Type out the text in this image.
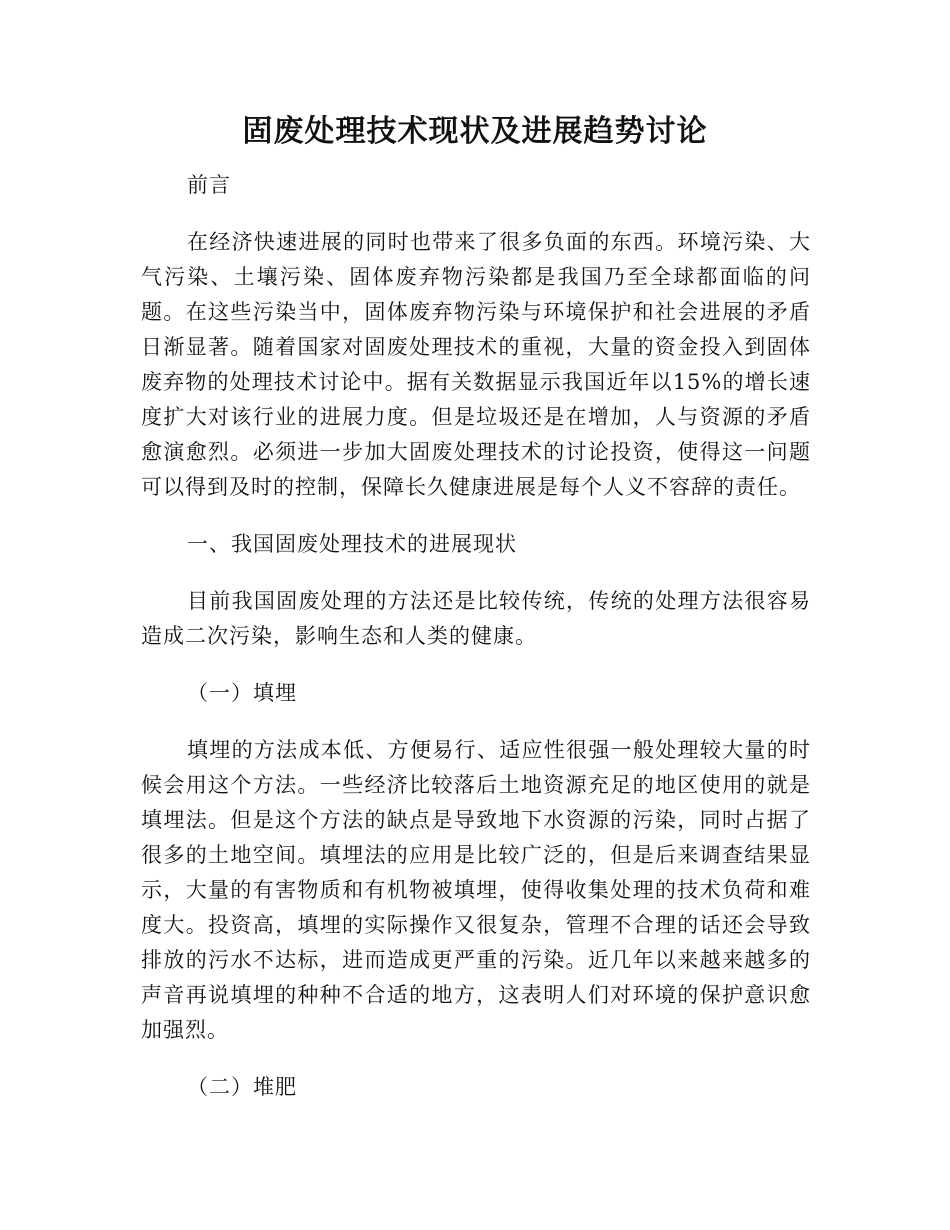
固废处理技术现状及进展趋势讨论

前言

在经济快速进展的同时也带来了很多负面的东西。环境污染、大气污染、土壤污染、固体废弃物污染都是我国乃至全球都面临的问题。在这些污染当中，固体废弃物污染与环境保护和社会进展的矛盾日渐显著。随着国家对固废处理技术的重视，大量的资金投入到固体废弃物的处理技术讨论中。据有关数据显示我国近年以15%的增长速度扩大对该行业的进展力度。但是垃圾还是在增加，人与资源的矛盾愈演愈烈。必须进一步加大固废处理技术的讨论投资，使得这一问题可以得到及时的控制，保障长久健康进展是每个人义不容辞的责任。

一、我国固废处理技术的进展现状

目前我国固废处理的方法还是比较传统，传统的处理方法很容易造成二次污染，影响生态和人类的健康。

（一）填埋

填埋的方法成本低、方便易行、适应性很强一般处理较大量的时候会用这个方法。一些经济比较落后土地资源充足的地区使用的就是填埋法。但是这个方法的缺点是导致地下水资源的污染，同时占据了很多的土地空间。填埋法的应用是比较广泛的，但是后来调查结果显示，大量的有害物质和有机物被填埋，使得收集处理的技术负荷和难度大。投资高，填埋的实际操作又很复杂，管理不合理的话还会导致排放的污水不达标，进而造成更严重的污染。近几年以来越来越多的声音再说填埋的种种不合适的地方，这表明人们对环境的保护意识愈加强烈。

（二）堆肥
